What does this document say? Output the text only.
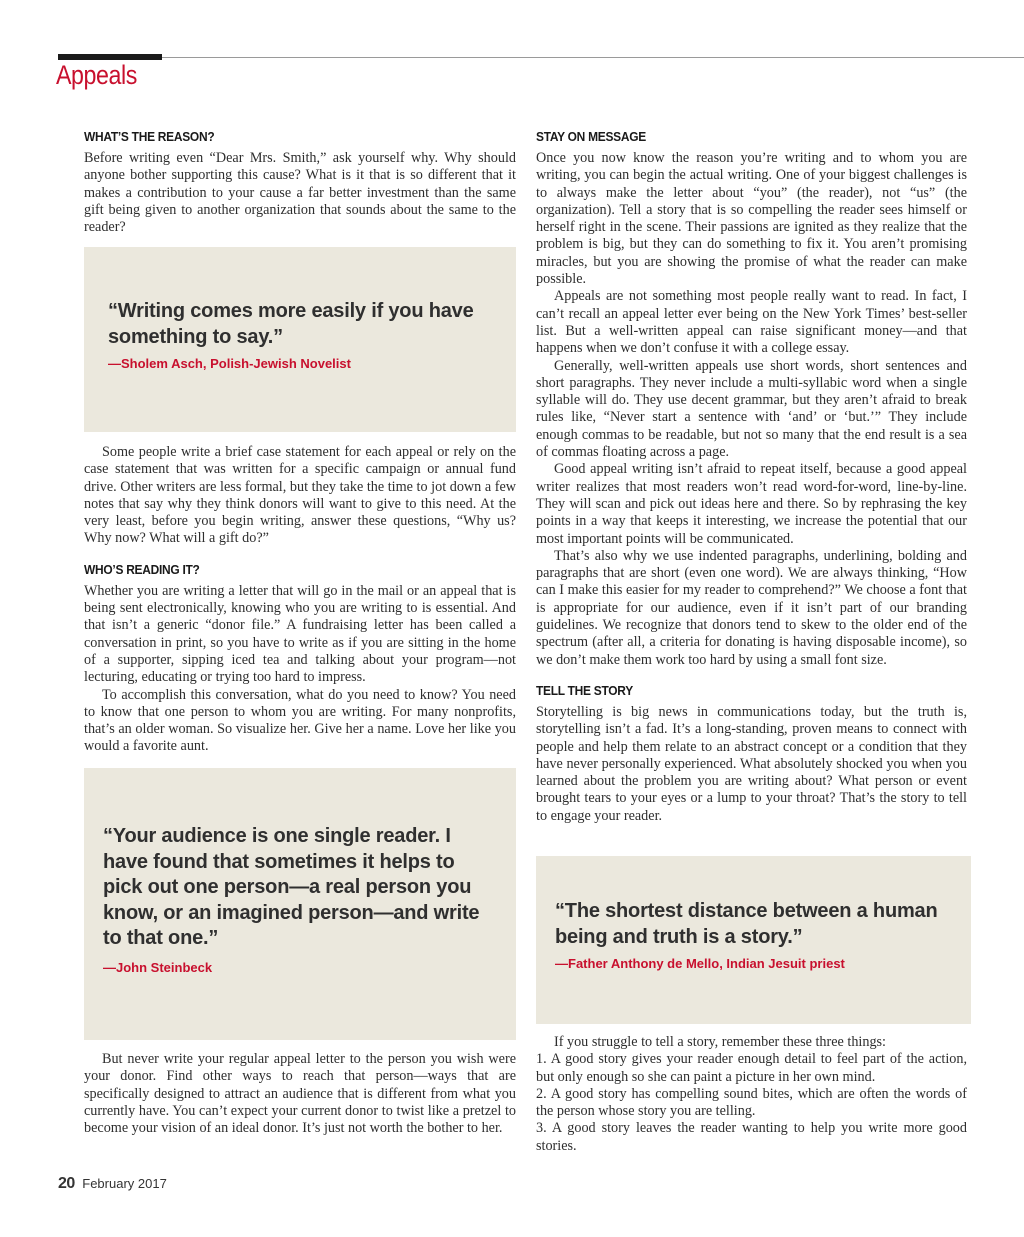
Appeals
WHAT’S THE REASON?

Before writing even “Dear Mrs. Smith,” ask yourself why. Why should anyone bother supporting this cause? What is it that is so different that it makes a contribution to your cause a far better investment than the same gift being given to another organization that sounds about the same to the reader?

“Writing comes more easily if you have something to say.”

—Sholem Asch, Polish-Jewish Novelist

Some people write a brief case statement for each appeal or rely on the case statement that was written for a specific campaign or annual fund drive. Other writers are less formal, but they take the time to jot down a few notes that say why they think donors will want to give to this need. At the very least, before you begin writing, answer these questions, “Why us? Why now? What will a gift do?”

WHO’S READING IT?

Whether you are writing a letter that will go in the mail or an appeal that is being sent electronically, knowing who you are writing to is essential. And that isn’t a generic “donor file.” A fundraising letter has been called a conversation in print, so you have to write as if you are sitting in the home of a supporter, sipping iced tea and talking about your program—not lecturing, educating or trying too hard to impress.

To accomplish this conversation, what do you need to know? You need to know that one person to whom you are writing. For many nonprofits, that’s an older woman. So visualize her. Give her a name. Love her like you would a favorite aunt.

“Your audience is one single reader. I have found that sometimes it helps to pick out one person—a real person you know, or an imagined person—and write to that one.”

—John Steinbeck

But never write your regular appeal letter to the person you wish were your donor. Find other ways to reach that person—ways that are specifically designed to attract an audience that is different from what you currently have. You can’t expect your current donor to twist like a pretzel to become your vision of an ideal donor. It’s just not worth the bother to her.

STAY ON MESSAGE

Once you now know the reason you’re writing and to whom you are writing, you can begin the actual writing. One of your biggest challenges is to always make the letter about “you” (the reader), not “us” (the organization). Tell a story that is so compelling the reader sees himself or herself right in the scene. Their passions are ignited as they realize that the problem is big, but they can do something to fix it. You aren’t promising miracles, but you are showing the promise of what the reader can make possible.

Appeals are not something most people really want to read. In fact, I can’t recall an appeal letter ever being on the New York Times’ best-seller list. But a well-written appeal can raise significant money—and that happens when we don’t confuse it with a college essay.

Generally, well-written appeals use short words, short sentences and short paragraphs. They never include a multi-syllabic word when a single syllable will do. They use decent grammar, but they aren’t afraid to break rules like, “Never start a sentence with ‘and’ or ‘but.’” They include enough commas to be readable, but not so many that the end result is a sea of commas floating across a page.

Good appeal writing isn’t afraid to repeat itself, because a good appeal writer realizes that most readers won’t read word-for-word, line-by-line. They will scan and pick out ideas here and there. So by rephrasing the key points in a way that keeps it interesting, we increase the potential that our most important points will be communicated.

That’s also why we use indented paragraphs, underlining, bolding and paragraphs that are short (even one word). We are always thinking, “How can I make this easier for my reader to comprehend?” We choose a font that is appropriate for our audience, even if it isn’t part of our branding guidelines. We recognize that donors tend to skew to the older end of the spectrum (after all, a criteria for donating is having disposable income), so we don’t make them work too hard by using a small font size.

TELL THE STORY

Storytelling is big news in communications today, but the truth is, storytelling isn’t a fad. It’s a long-standing, proven means to connect with people and help them relate to an abstract concept or a condition that they have never personally experienced. What absolutely shocked you when you learned about the problem you are writing about? What person or event brought tears to your eyes or a lump to your throat? That’s the story to tell to engage your reader.

“The shortest distance between a human being and truth is a story.”

—Father Anthony de Mello, Indian Jesuit priest

If you struggle to tell a story, remember these three things:

1. A good story gives your reader enough detail to feel part of the action, but only enough so she can paint a picture in her own mind.

2. A good story has compelling sound bites, which are often the words of the person whose story you are telling.

3. A good story leaves the reader wanting to help you write more good stories.

20 February 2017
